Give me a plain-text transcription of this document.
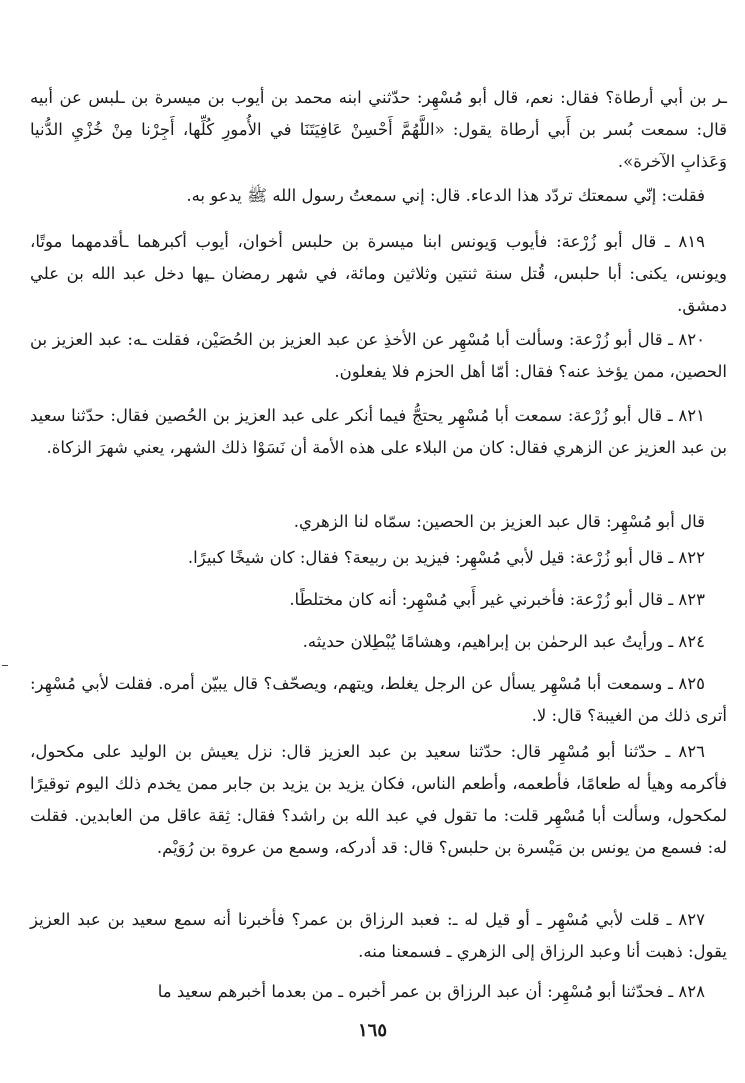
ـر بن أبي أرطاة؟ فقال: نعم، قال أبو مُسْهِر: حدّثني ابنه محمد بن أيوب بن ميسرة بن ـلبس عن أبيه قال: سمعت بُسر بن أَبي أرطاة يقول: «اللَّهُمَّ أَحْسِنْ عَافِيَتَنَا في الأُمورِ كُلِّها، أَجِرْنا مِنْ خُزْيِ الدُّنيا وَعَذابِ الآخرة».
فقلت: إنّي سمعتك تردّد هذا الدعاء. قال: إني سمعتُ رسول الله ﷺ يدعو به.
٨١٩ ـ قال أبو زُرْعة: فأيوب وَيونس ابنا ميسرة بن حلبس أخوان، أيوب أكبرهما ـأقدمهما موتًا، ويونس، يكنى: أبا حلبس، قُتل سنة ثنتين وثلاثين ومائة، في شهر رمضان ـيها دخل عبد الله بن علي دمشق.
٨٢٠ ـ قال أبو زُرْعة: وسألت أبا مُسْهِر عن الأخذِ عن عبد العزيز بن الحُصَيْن، فقلت ـه: عبد العزيز بن الحصين، ممن يؤخذ عنه؟ فقال: أمّا أهل الحزم فلا يفعلون.
٨٢١ ـ قال أبو زُرْعة: سمعت أبا مُسْهِر يحتجُّ فيما أنكر على عبد العزيز بن الحُصين فقال: حدّثنا سعيد بن عبد العزيز عن الزهري فقال: كان من البلاء على هذه الأمة أن نَسَوْا ذلك الشهر، يعني شهرَ الزكاة.
قال أبو مُسْهِر: قال عبد العزيز بن الحصين: سمّاه لنا الزهري.
٨٢٢ ـ قال أبو زُرْعة: قيل لأبي مُسْهِر: فيزيد بن ربيعة؟ فقال: كان شيخًا كبيرًا.
٨٢٣ ـ قال أبو زُرْعة: فأخبرني غير أَبي مُسْهِر: أنه كان مختلطًا.
٨٢٤ ـ ورأيتُ عبد الرحمٰن بن إبراهيم، وهشامًا يُبْطِلان حديثه.
٨٢٥ ـ وسمعت أبا مُسْهِر يسأل عن الرجل يغلط، ويتهم، ويصحّف؟ قال يبيّن أمره. فقلت لأبي مُسْهِر: أترى ذلك من الغيبة؟ قال: لا.
٨٢٦ ـ حدّثنا أبو مُسْهِر قال: حدّثنا سعيد بن عبد العزيز قال: نزل يعيش بن الوليد على مكحول، فأكرمه وهيأ له طعامًا، فأطعمه، وأطعم الناس، فكان يزيد بن يزيد بن جابر ممن يخدم ذلك اليوم توقيرًا لمكحول، وسألت أبا مُسْهِر قلت: ما تقول في عبد الله بن راشد؟ فقال: ثِقة عاقل من العابدين. فقلت له: فسمع من يونس بن مَيْسرة بن حلبس؟ قال: قد أدركه، وسمع من عروة بن رُوَيْم.
٨٢٧ ـ قلت لأبي مُسْهِر ـ أو قيل له ـ: فعبد الرزاق بن عمر؟ فأخبرنا أنه سمع سعيد بن عبد العزيز يقول: ذهبت أنا وعبد الرزاق إلى الزهري ـ فسمعنا منه.
٨٢٨ ـ فحدّثنا أبو مُسْهِر: أن عبد الرزاق بن عمر أخبره ـ من بعدما أخبرهم سعيد ما
١٦٥
